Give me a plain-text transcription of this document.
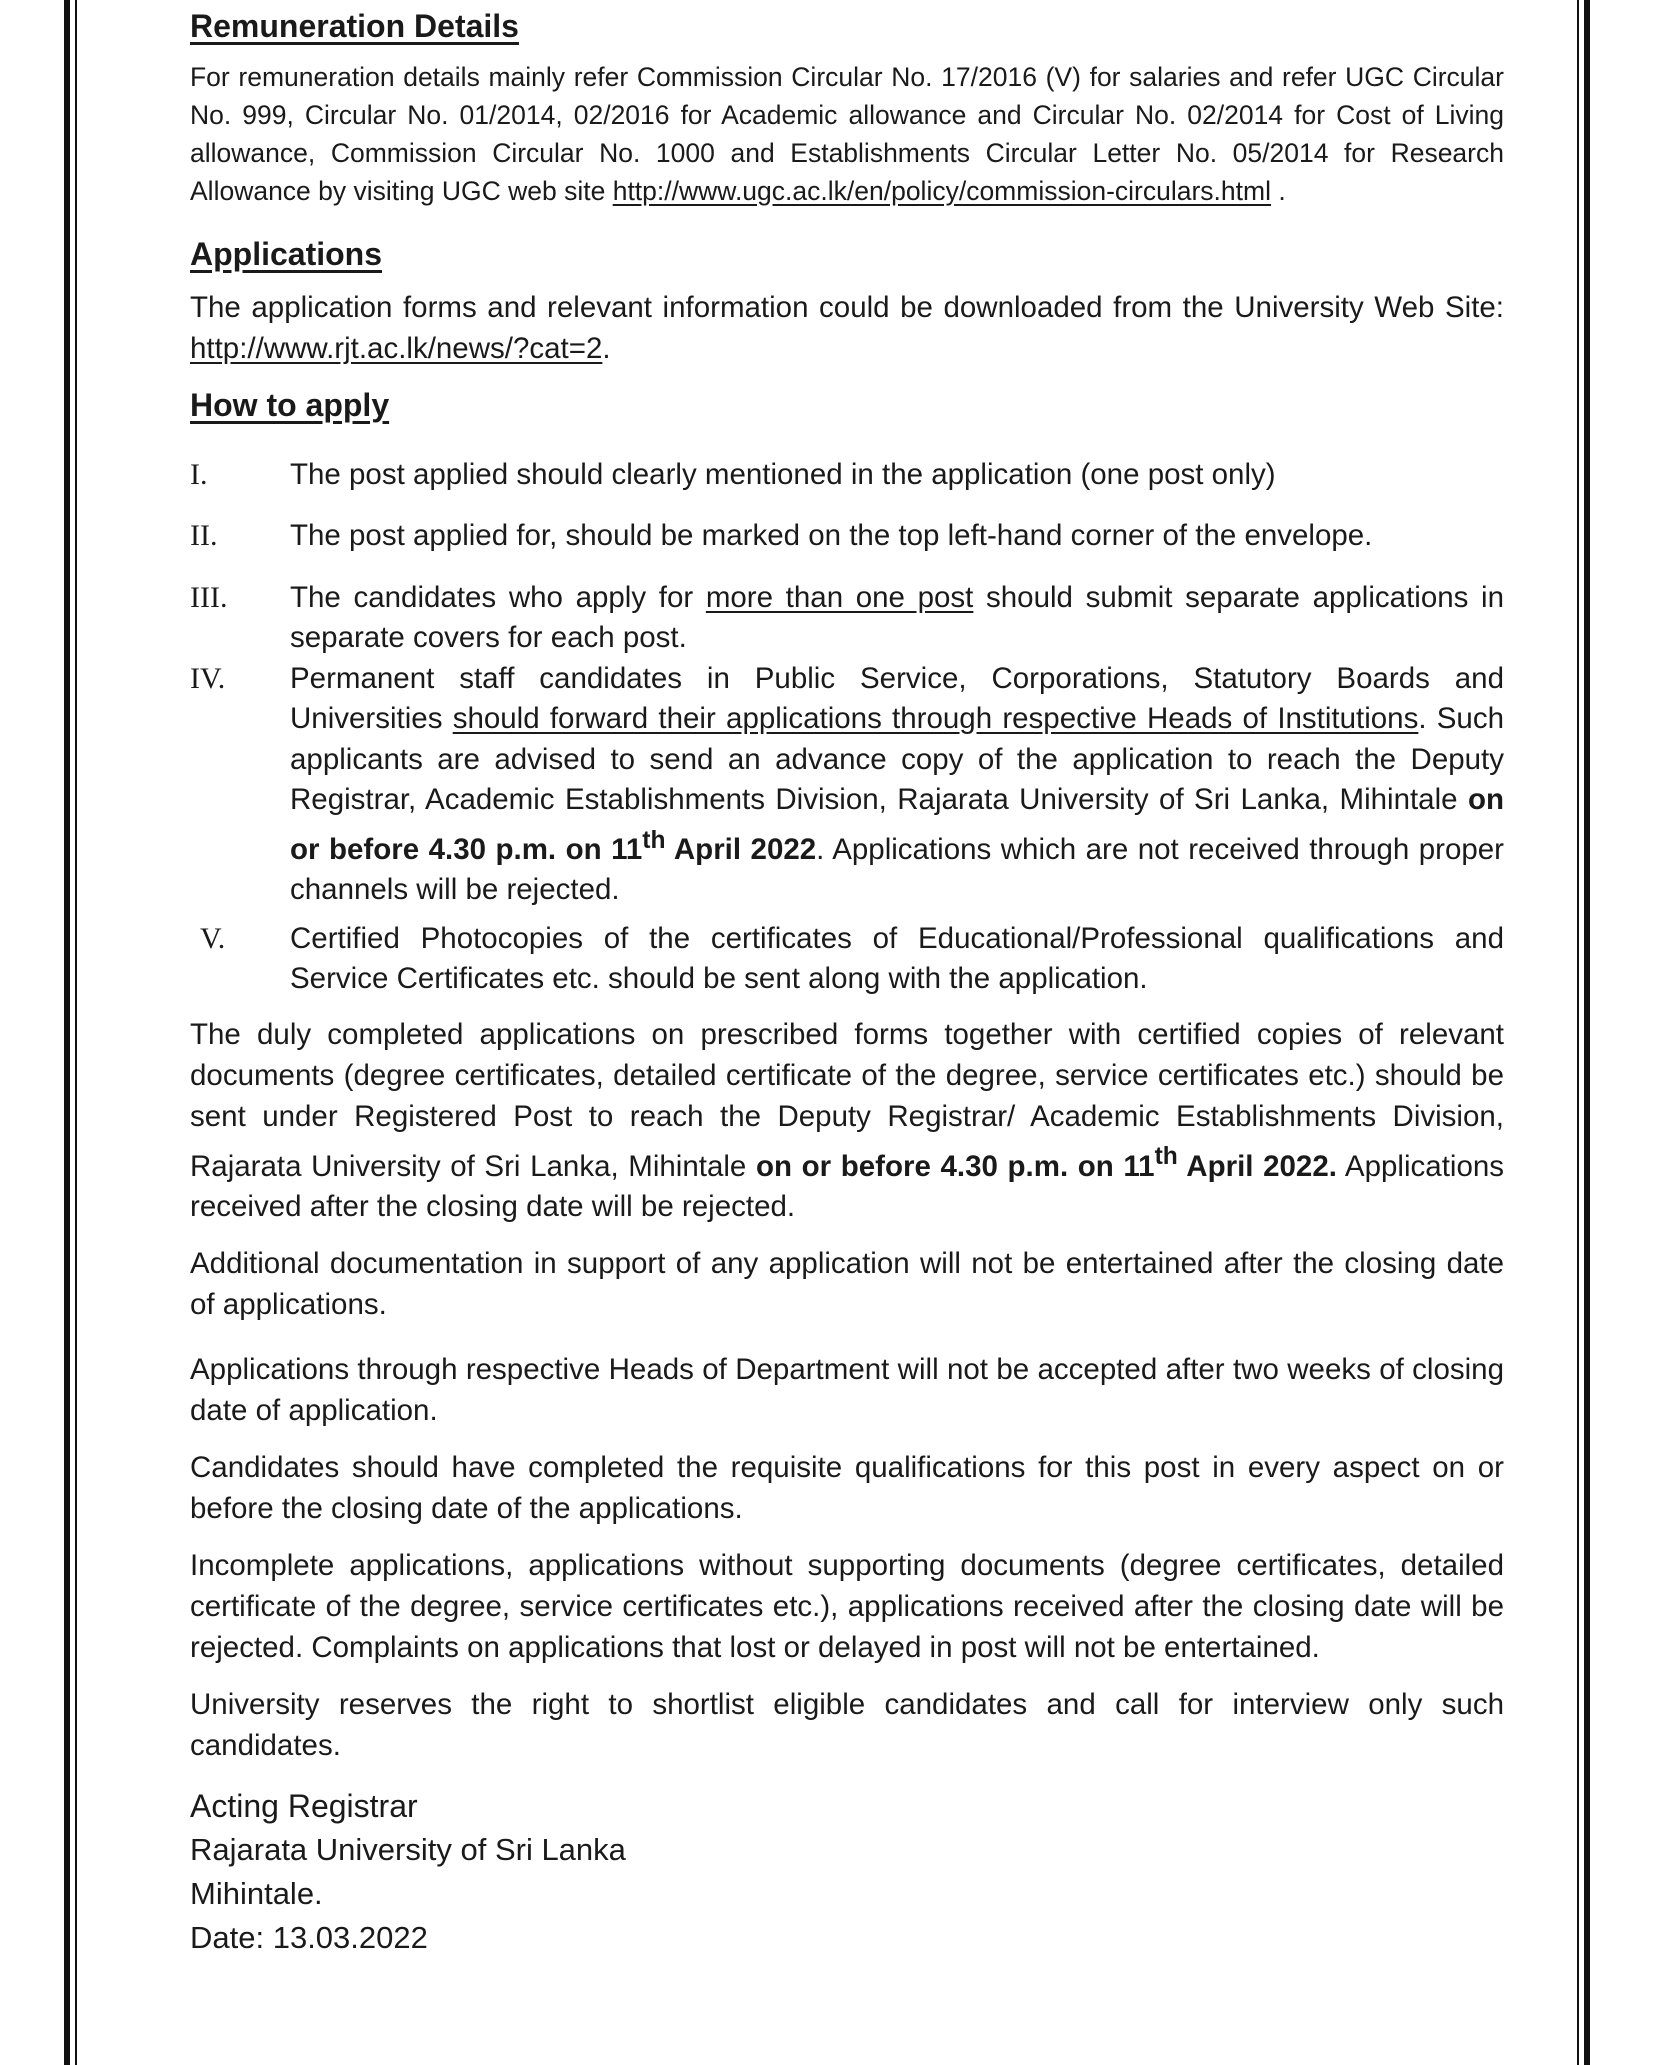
Remuneration Details

For remuneration details mainly refer Commission Circular No. 17/2016 (V) for salaries and refer UGC Circular No. 999, Circular No. 01/2014, 02/2016 for Academic allowance and Circular No. 02/2014 for Cost of Living allowance, Commission Circular No. 1000 and Establishments Circular Letter No. 05/2014 for Research Allowance by visiting UGC web site http://www.ugc.ac.lk/en/policy/commission-circulars.html .

Applications

The application forms and relevant information could be downloaded from the University Web Site: http://www.rjt.ac.lk/news/?cat=2.

How to apply
I.	The post applied should clearly mentioned in the application (one post only)
II.	The post applied for, should be marked on the top left-hand corner of the envelope.
III.	The candidates who apply for more than one post should submit separate applications in separate covers for each post.
IV.	Permanent staff candidates in Public Service, Corporations, Statutory Boards and Universities should forward their applications through respective Heads of Institutions. Such applicants are advised to send an advance copy of the application to reach the Deputy Registrar, Academic Establishments Division, Rajarata University of Sri Lanka, Mihintale on or before 4.30 p.m. on 11th April 2022. Applications which are not received through proper channels will be rejected.
V.	Certified Photocopies of the certificates of Educational/Professional qualifications and Service Certificates etc. should be sent along with the application.

The duly completed applications on prescribed forms together with certified copies of relevant documents (degree certificates, detailed certificate of the degree, service certificates etc.) should be sent under Registered Post to reach the Deputy Registrar/ Academic Establishments Division, Rajarata University of Sri Lanka, Mihintale on or before 4.30 p.m. on 11th April 2022. Applications received after the closing date will be rejected.

Additional documentation in support of any application will not be entertained after the closing date of applications.

Applications through respective Heads of Department will not be accepted after two weeks of closing date of application.

Candidates should have completed the requisite qualifications for this post in every aspect on or before the closing date of the applications.

Incomplete applications, applications without supporting documents (degree certificates, detailed certificate of the degree, service certificates etc.), applications received after the closing date will be rejected. Complaints on applications that lost or delayed in post will not be entertained.

University reserves the right to shortlist eligible candidates and call for interview only such candidates.

Acting Registrar
Rajarata University of Sri Lanka
Mihintale.
Date: 13.03.2022
